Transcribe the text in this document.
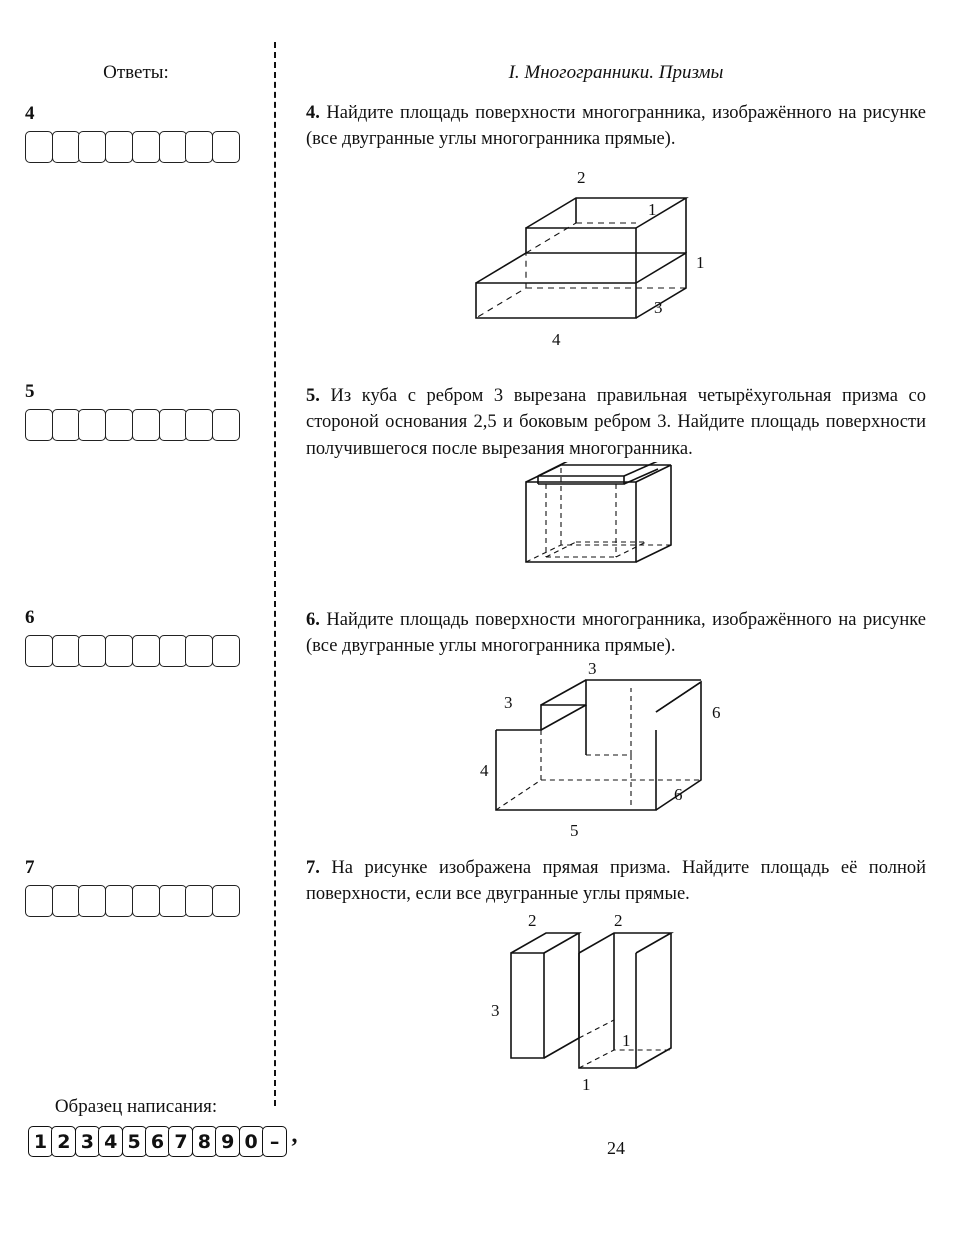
Ответы:
4
5
6
7
Образец написания:
1 2 3 4 5 6 7 8 9 0 – ,
I. Многогранники. Призмы

4. Найдите площадь поверхности многогранника, изображённого на рисунке (все двугранные углы многогранника прямые).

2
1
1
3
4

5. Из куба с ребром 3 вырезана правильная четырёхугольная призма со стороной основания 2,5 и боковым ребром 3. Найдите площадь поверхности получившегося после вырезания многогранника.

6. Найдите площадь поверхности многогранника, изображённого на рисунке (все двугранные углы многогранника прямые).

3
3
6
4
6
5

7. На рисунке изображена прямая призма. Найдите площадь её полной поверхности, если все двугранные углы прямые.

2	2
3
1
1
24
